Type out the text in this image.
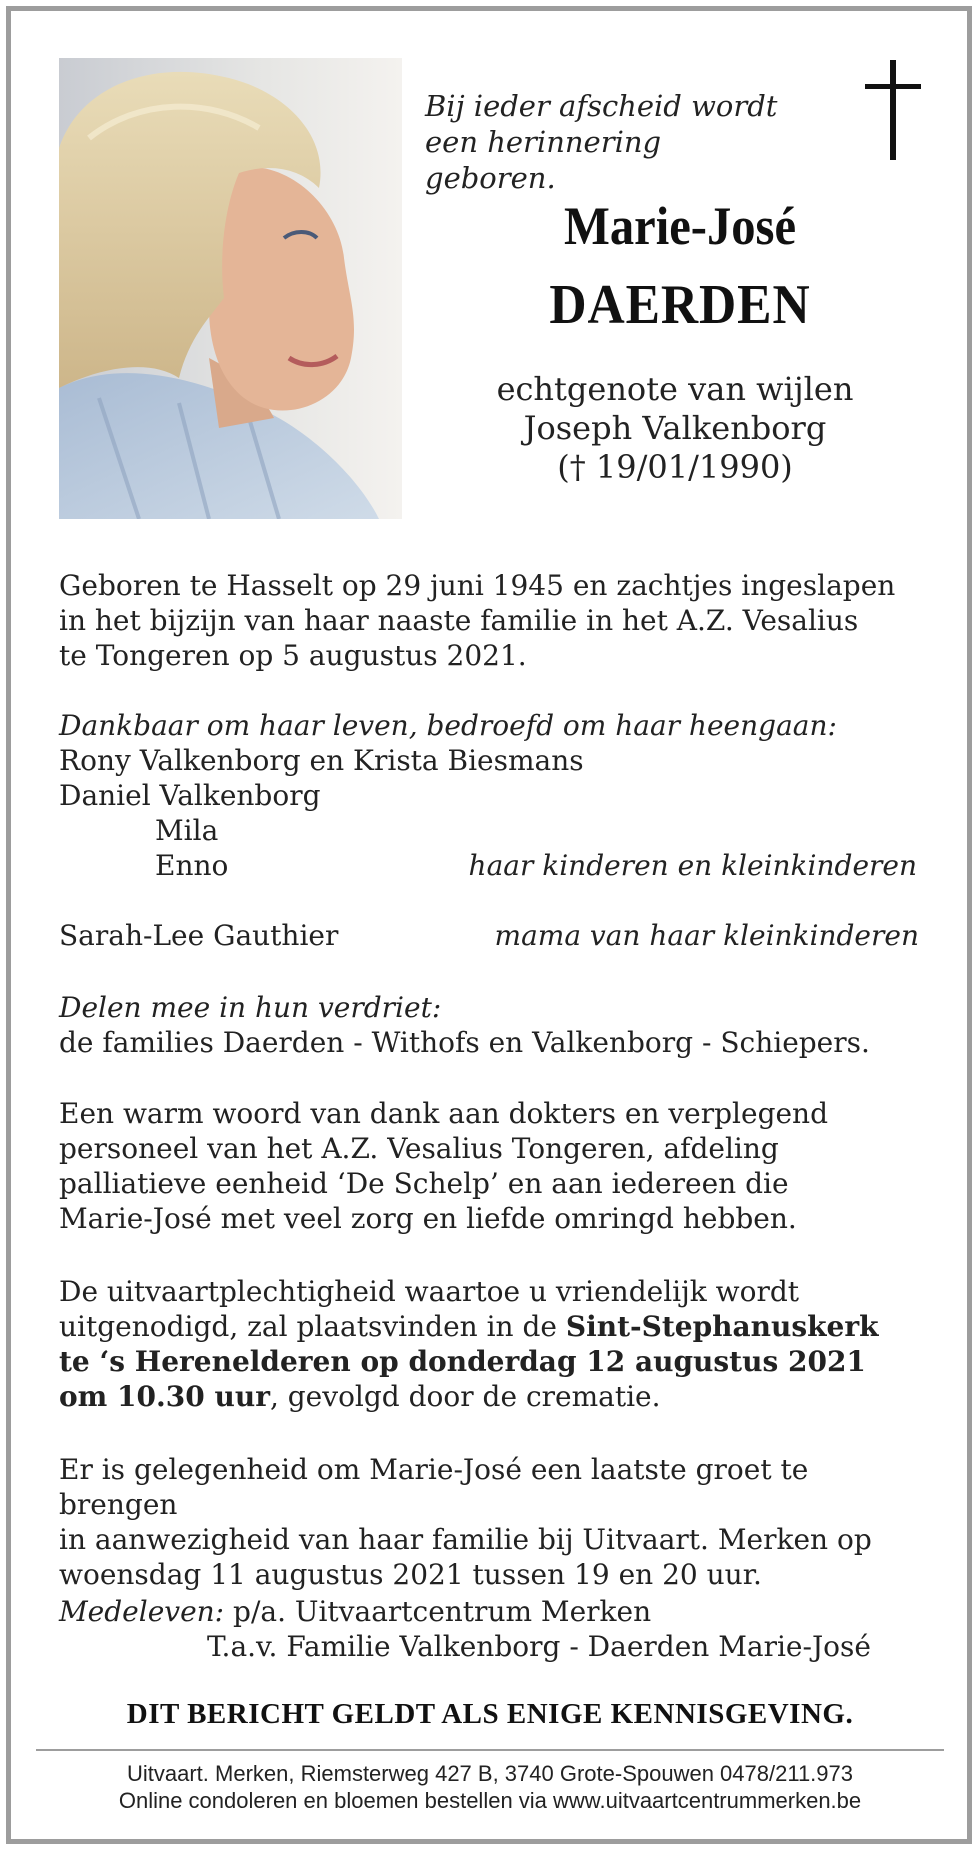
Bij ieder afscheid wordt
een herinnering geboren.
Marie-José
DAERDEN
echtgenote van wijlen
Joseph Valkenborg
(† 19/01/1990)
Geboren te Hasselt op 29 juni 1945 en zachtjes ingeslapen
in het bijzijn van haar naaste familie in het A.Z. Vesalius
te Tongeren op 5 augustus 2021.
Dankbaar om haar leven, bedroefd om haar heengaan:
Rony Valkenborg en Krista Biesmans
Daniel Valkenborg
Mila
Enno	haar kinderen en kleinkinderen
Sarah-Lee Gauthier	mama van haar kleinkinderen
Delen mee in hun verdriet:
de families Daerden - Withofs en Valkenborg - Schiepers.
Een warm woord van dank aan dokters en verplegend
personeel van het A.Z. Vesalius Tongeren, afdeling
palliatieve eenheid ‘De Schelp’ en aan iedereen die
Marie-José met veel zorg en liefde omringd hebben.
De uitvaartplechtigheid waartoe u vriendelijk wordt
uitgenodigd, zal plaatsvinden in de Sint-Stephanuskerk
te ‘s Herenelderen op donderdag 12 augustus 2021
om 10.30 uur, gevolgd door de crematie.
Er is gelegenheid om Marie-José een laatste groet te brengen
in aanwezigheid van haar familie bij Uitvaart. Merken op
woensdag 11 augustus 2021 tussen 19 en 20 uur.
Medeleven: p/a. Uitvaartcentrum Merken
T.a.v. Familie Valkenborg - Daerden Marie-José
DIT BERICHT GELDT ALS ENIGE KENNISGEVING.
Uitvaart. Merken, Riemsterweg 427 B, 3740 Grote-Spouwen 0478/211.973
Online condoleren en bloemen bestellen via www.uitvaartcentrummerken.be
